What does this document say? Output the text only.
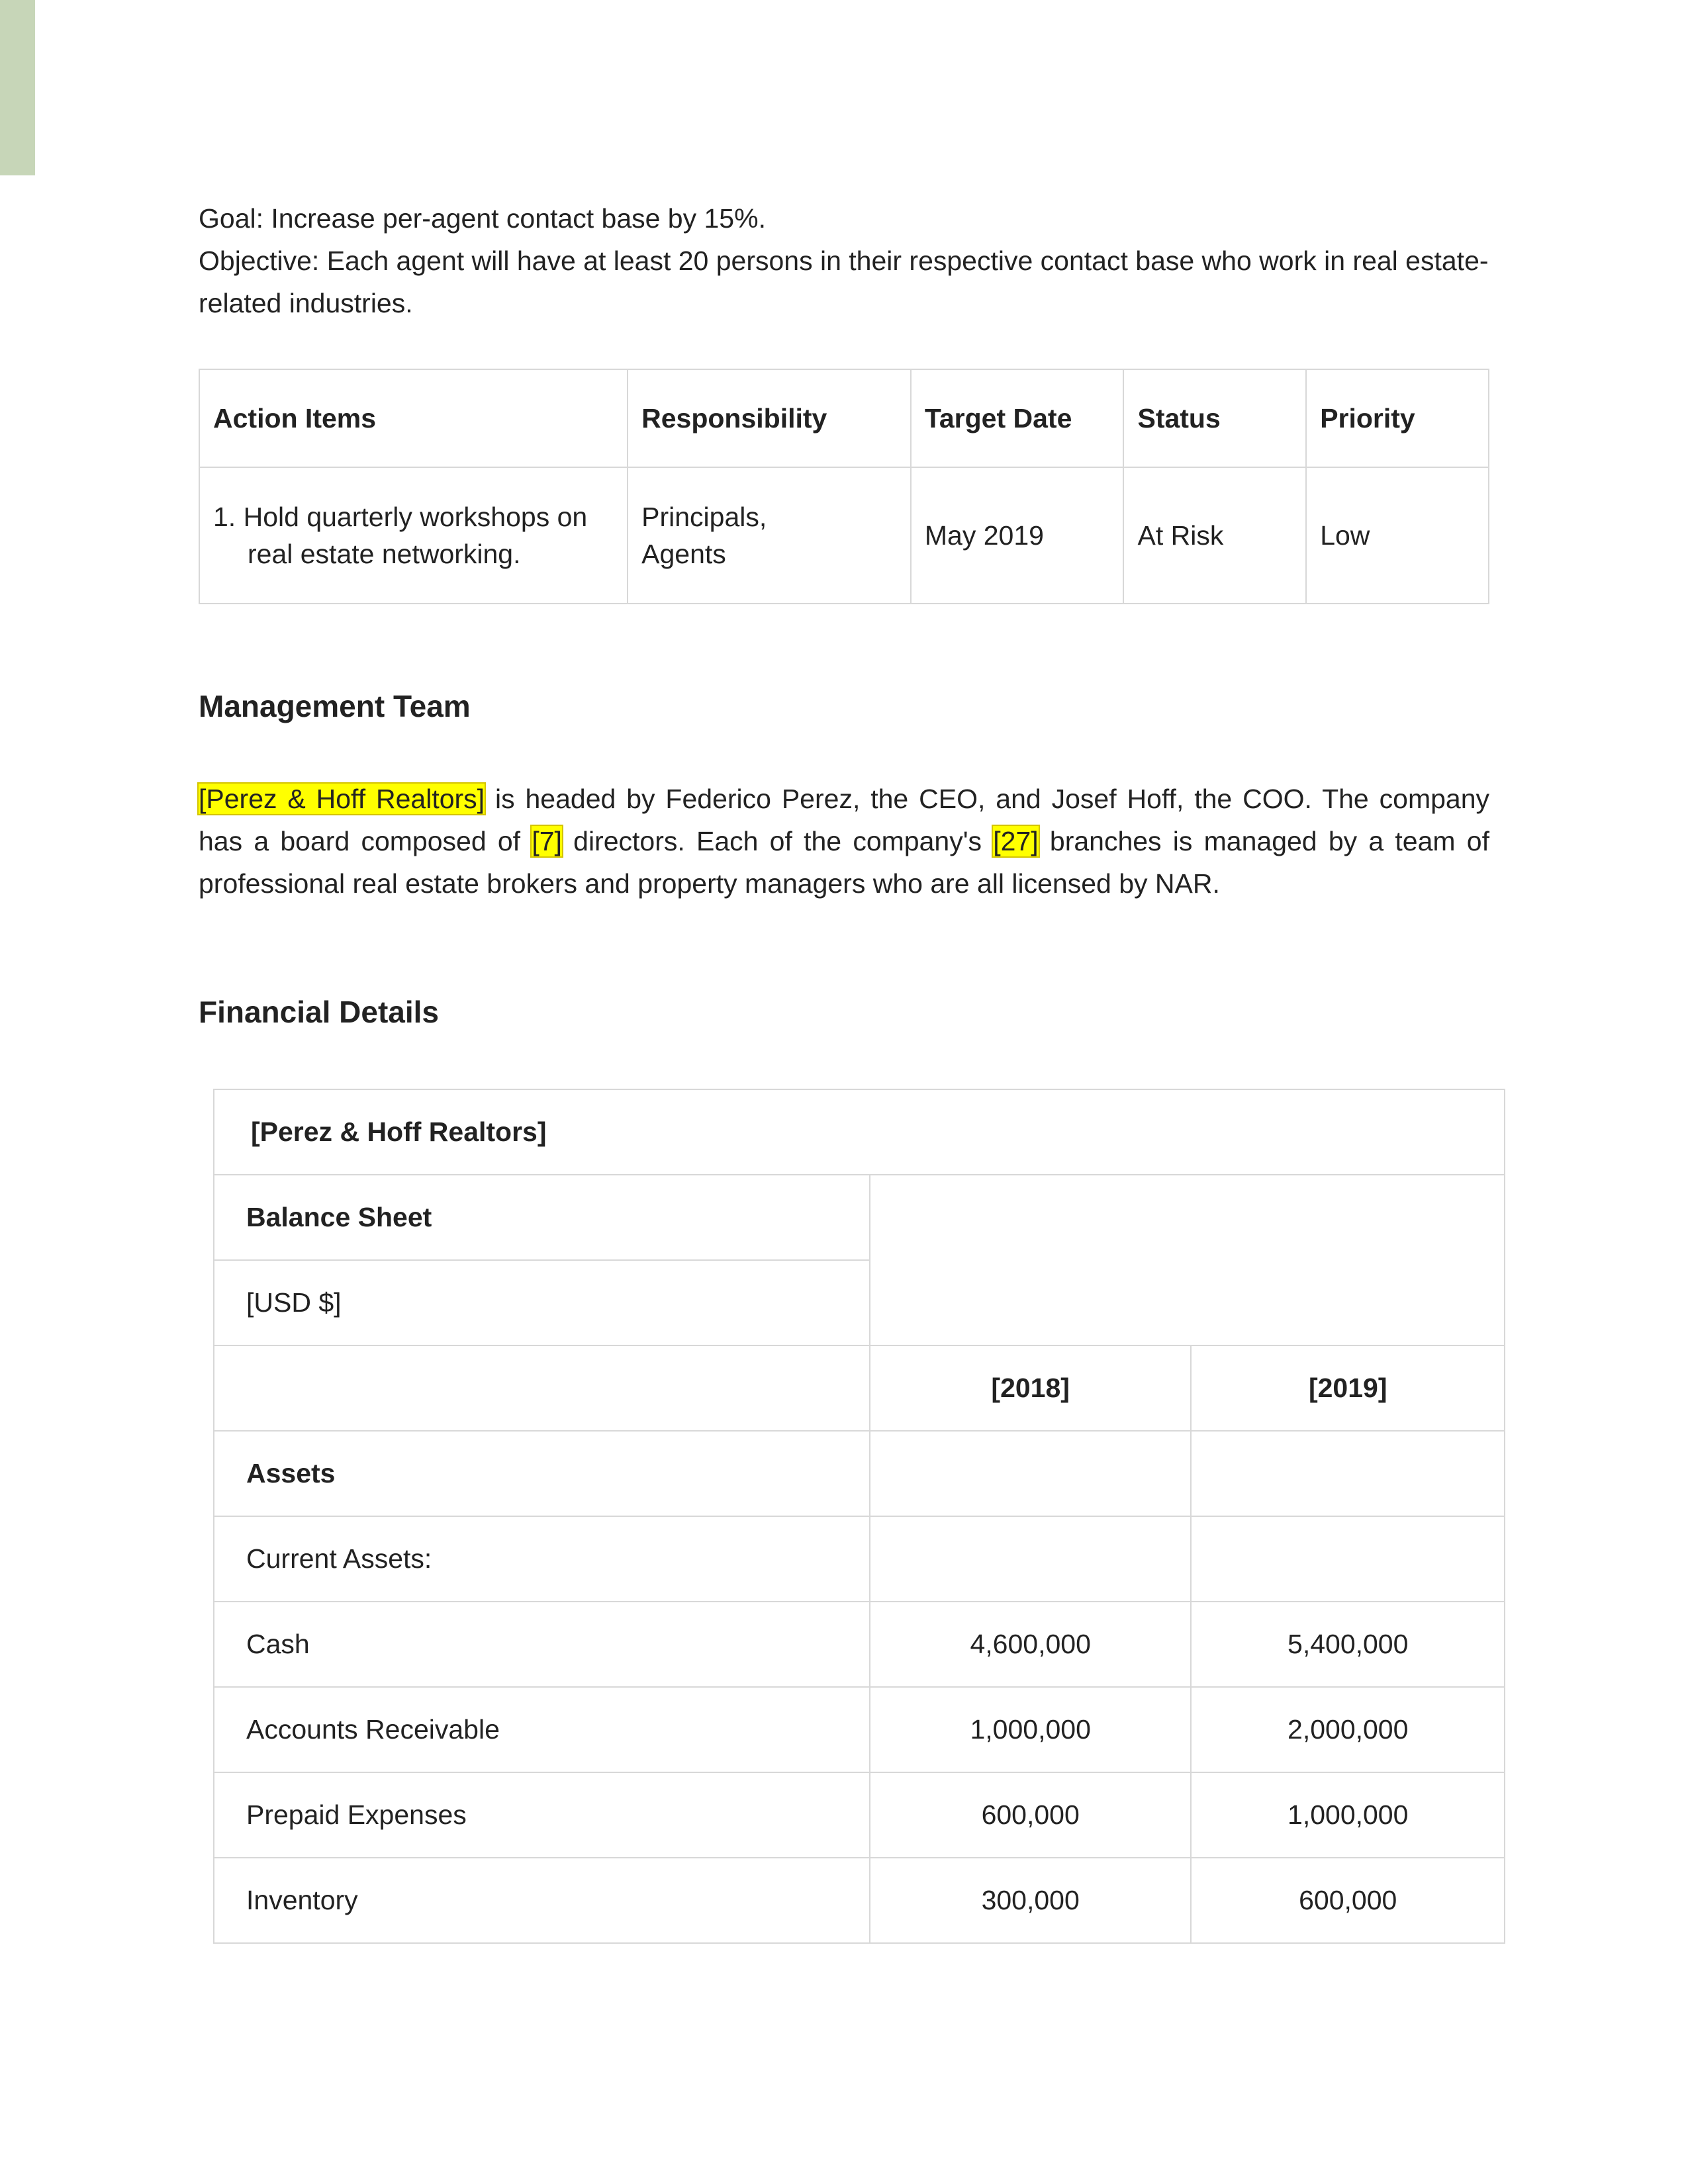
Goal: Increase per-agent contact base by 15%.
Objective: Each agent will have at least 20 persons in their respective contact base who work in real estate-related industries.
Action Items	Responsibility	Target Date	Status	Priority
1. Hold quarterly workshops on
real estate networking.	Principals, Agents	May 2019	At Risk	Low
Management Team
[Perez & Hoff Realtors] is headed by Federico Perez, the CEO, and Josef Hoff, the COO. The company has a board composed of [7] directors. Each of the company's [27] branches is managed by a team of professional real estate brokers and property managers who are all licensed by NAR.
Financial Details
[Perez & Hoff Realtors]		
Balance Sheet		
[USD $]		
	[2018]	[2019]
Assets		
Current Assets:		
Cash	4,600,000	5,400,000
Accounts Receivable	1,000,000	2,000,000
Prepaid Expenses	600,000	1,000,000
Inventory	300,000	600,000
